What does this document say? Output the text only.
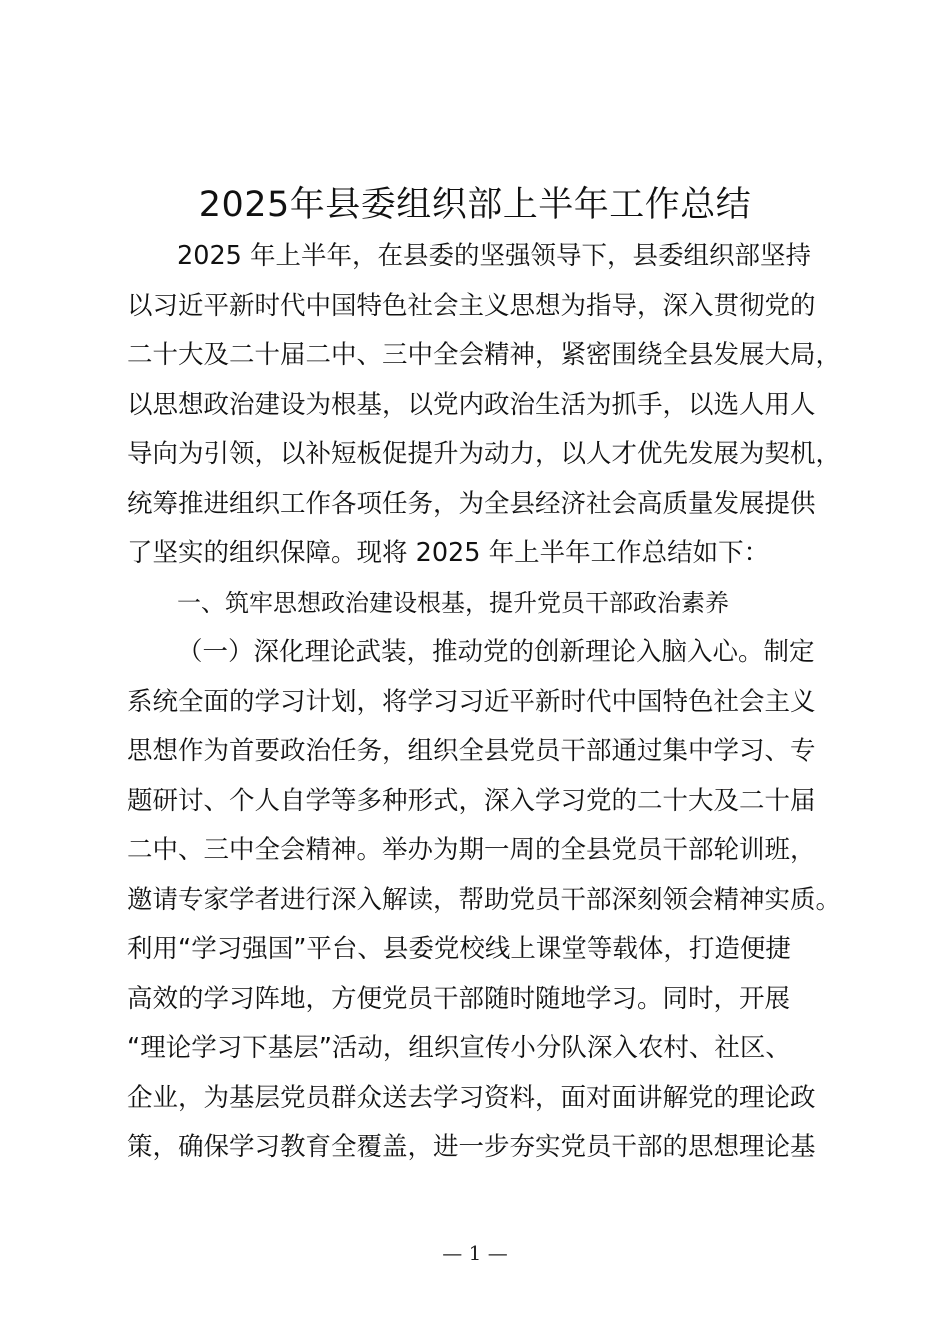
2025年县委组织部上半年工作总结
2025 年上半年，在县委的坚强领导下，县委组织部坚持
以习近平新时代中国特色社会主义思想为指导，深入贯彻党的
二十大及二十届二中、三中全会精神，紧密围绕全县发展大局，
以思想政治建设为根基，以党内政治生活为抓手，以选人用人
导向为引领，以补短板促提升为动力，以人才优先发展为契机，
统筹推进组织工作各项任务，为全县经济社会高质量发展提供
了坚实的组织保障。现将 2025 年上半年工作总结如下：
一、筑牢思想政治建设根基，提升党员干部政治素养
（一）深化理论武装，推动党的创新理论入脑入心。制定
系统全面的学习计划，将学习习近平新时代中国特色社会主义
思想作为首要政治任务，组织全县党员干部通过集中学习、专
题研讨、个人自学等多种形式，深入学习党的二十大及二十届
二中、三中全会精神。举办为期一周的全县党员干部轮训班，
邀请专家学者进行深入解读，帮助党员干部深刻领会精神实质。
利用“学习强国”平台、县委党校线上课堂等载体，打造便捷
高效的学习阵地，方便党员干部随时随地学习。同时，开展
“理论学习下基层”活动，组织宣传小分队深入农村、社区、
企业，为基层党员群众送去学习资料，面对面讲解党的理论政
策，确保学习教育全覆盖，进一步夯实党员干部的思想理论基
— 1 —
